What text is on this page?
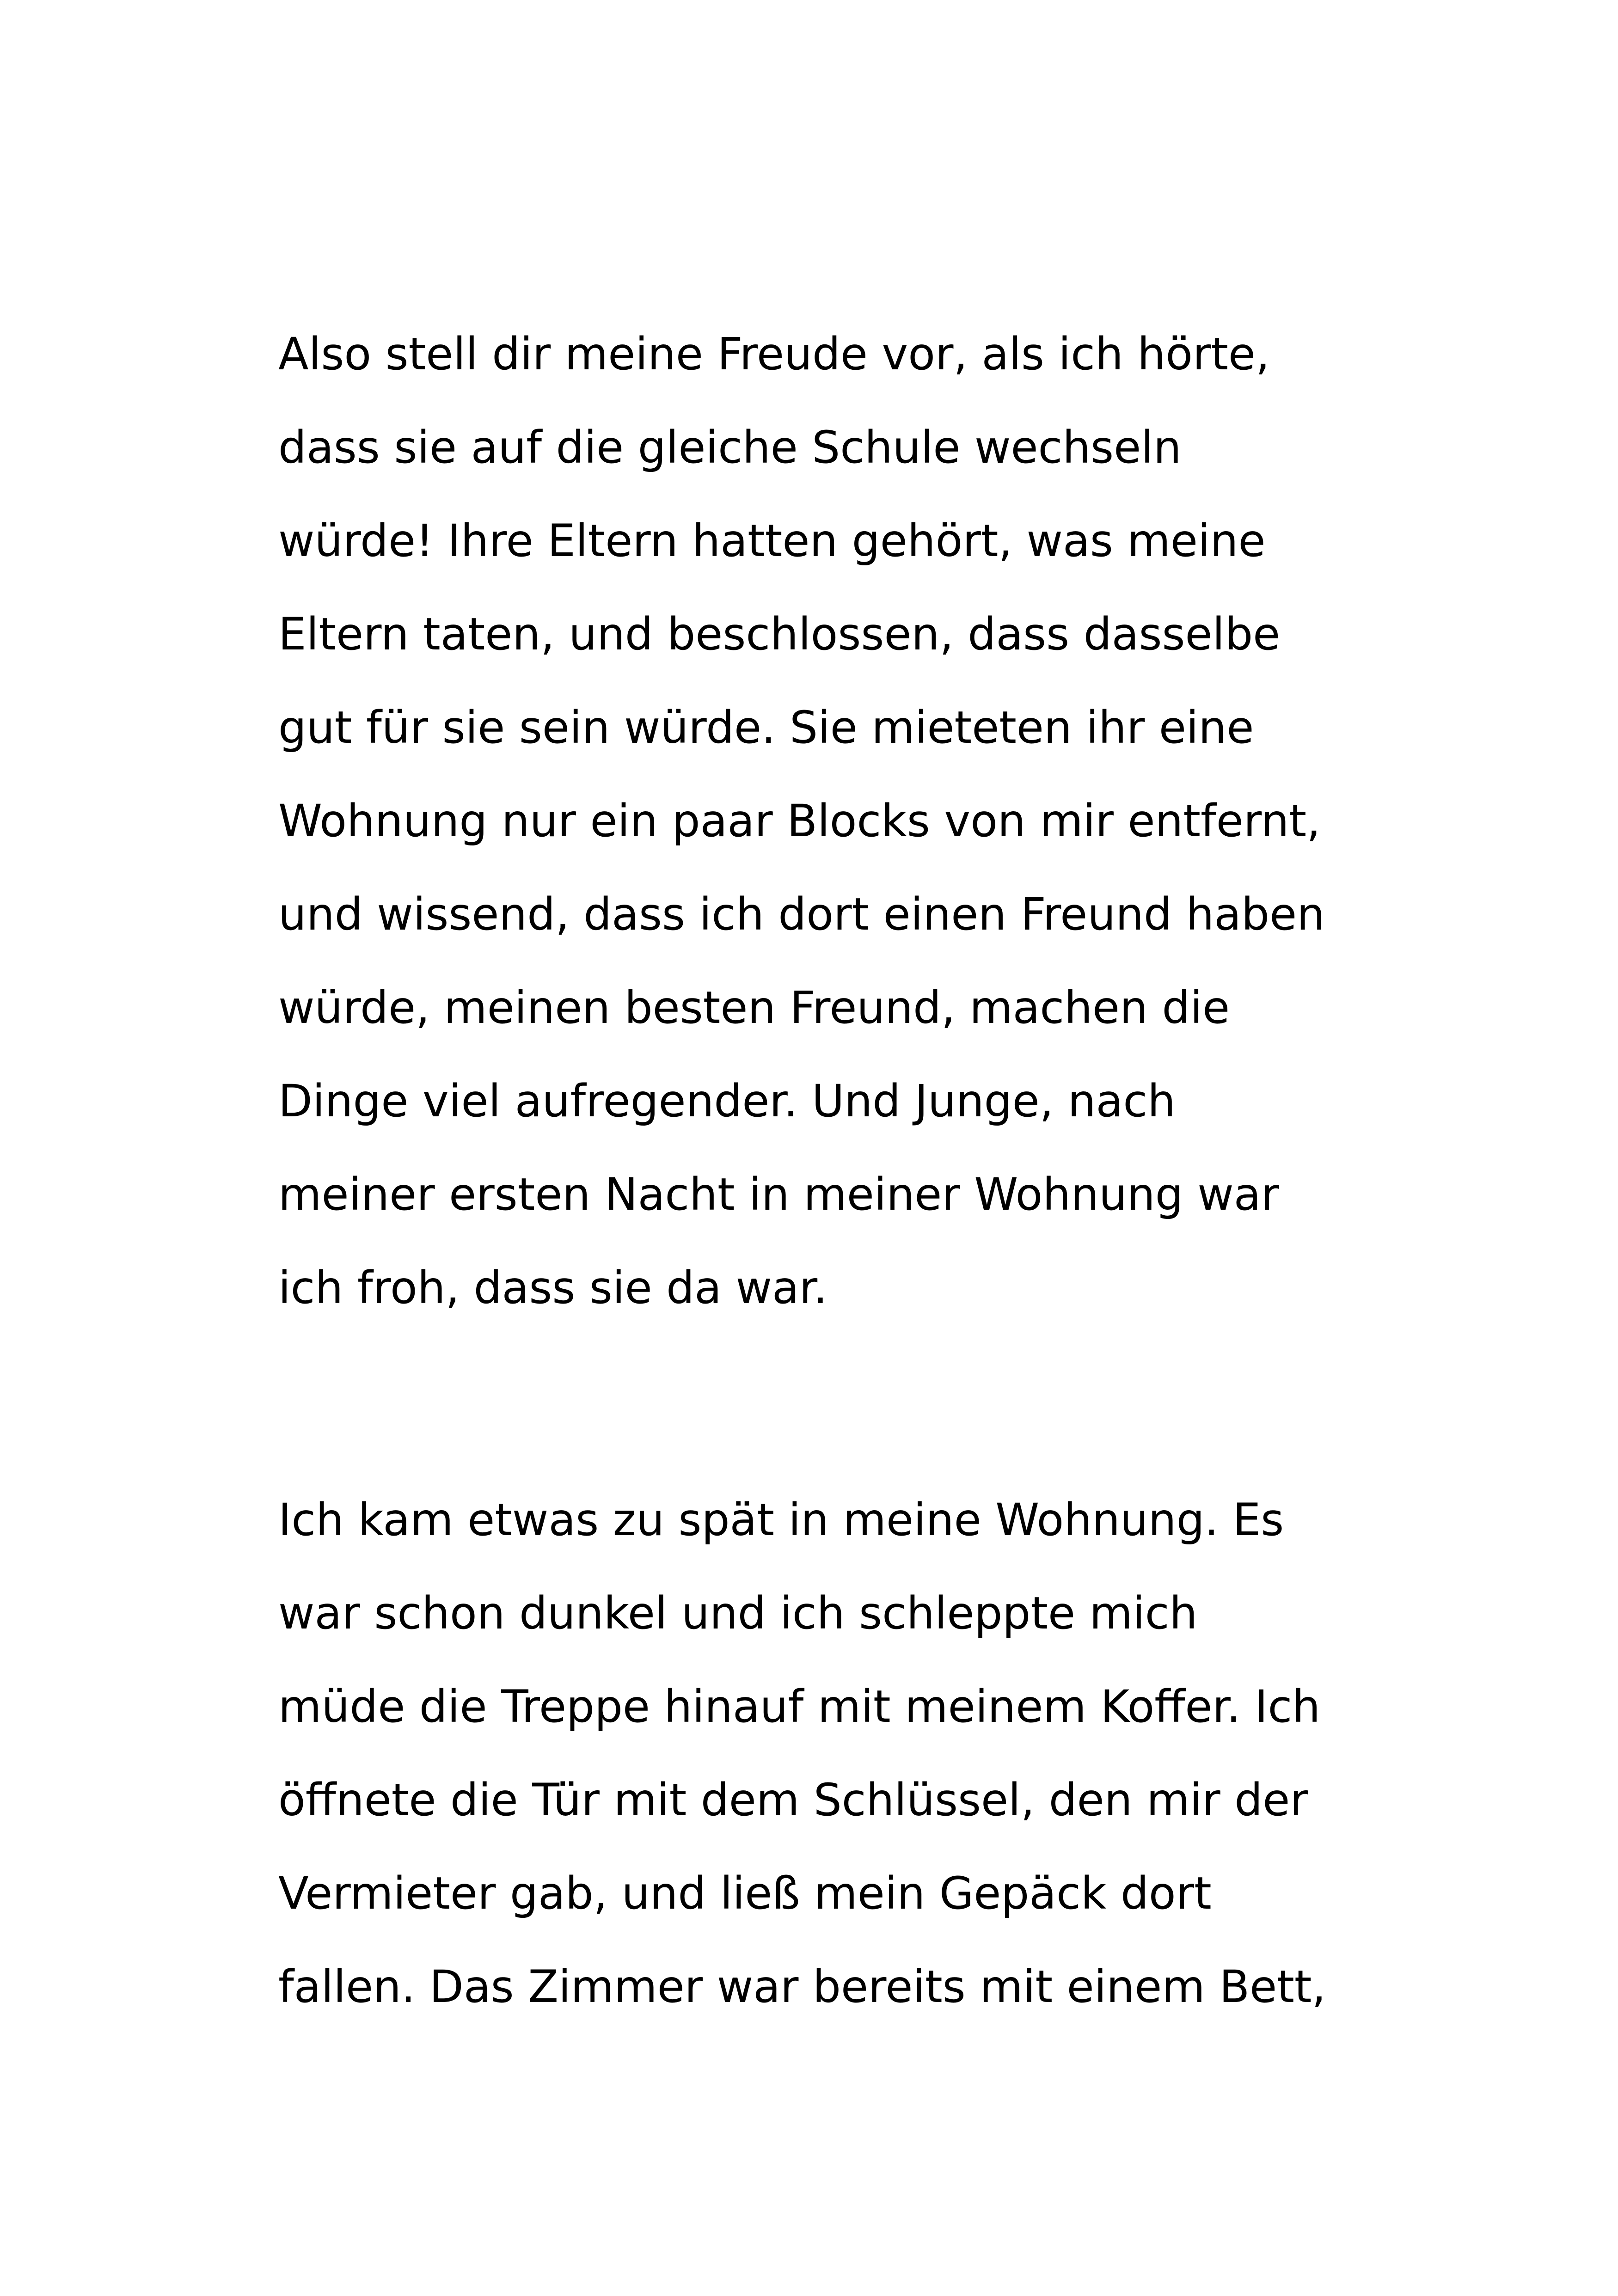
Also stell dir meine Freude vor, als ich hörte,
dass sie auf die gleiche Schule wechseln
würde! Ihre Eltern hatten gehört, was meine
Eltern taten, und beschlossen, dass dasselbe
gut für sie sein würde. Sie mieteten ihr eine
Wohnung nur ein paar Blocks von mir entfernt,
und wissend, dass ich dort einen Freund haben
würde, meinen besten Freund, machen die
Dinge viel aufregender. Und Junge, nach
meiner ersten Nacht in meiner Wohnung war
ich froh, dass sie da war.

Ich kam etwas zu spät in meine Wohnung. Es
war schon dunkel und ich schleppte mich
müde die Treppe hinauf mit meinem Koffer. Ich
öffnete die Tür mit dem Schlüssel, den mir der
Vermieter gab, und ließ mein Gepäck dort
fallen. Das Zimmer war bereits mit einem Bett,
